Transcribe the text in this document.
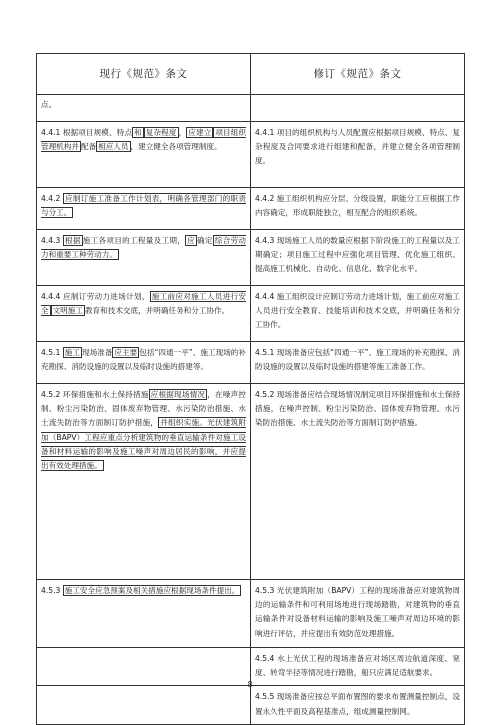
现行《规范》条文	修订《规范》条文
点。	
4.4.1 根据项目规模、特点 和 复杂程度 ， 应建立 项目组织管理机构并 配备 相应人员 ，建立健全各项管理制度。	4.4.1 项目的组织机构与人员配置应根据项目规模、特点、复杂程度及合同要求进行组建和配备，并建立健全各项管理制度。
4.4.2 应制订施工准备工作计划表，明确各管理部门的职责与分工。	4.4.2 施工组织机构应分层、分级设置，职能分工应根据工作内容确定，形成职能独立，相互配合的组织系统。
4.4.3 根据 施工各项目的工程量及工期， 应 确定 综合劳动力和重要工种劳动力。	4.4.3 现场施工人员的数量应根据下阶段施工的工程量以及工期确定；项目施工过程中应强化项目管理、优化施工组织、提高施工机械化、自动化、信息化、数字化水平。
4.4.4 应制订劳动力进场计划， 施工前应对施工人员进行安全 文明施工 教育和技术交底，并明确任务和分工协作。	4.4.4 施工组织设计应制订劳动力进场计划，施工前应对施工人员进行安全教育、技能培训和技术交底，并明确任务和分工协作。
4.5.1 施工 现场准备 应主要 包括“四通一平”、施工现场的补充勘探、消防设施的设置以及临时设施的搭建等。	4.5.1 现场准备应包括“四通一平”、施工现场的补充勘探、消防设施的设置以及临时设施的搭建等施工准备工作。
4.5.2 环保措施和水土保持措施 应根据现场情况 ，在噪声控制、粉尘污染防治、固体废弃物管理、水污染防治措施、水土流失防治等方面制订防护措施， 并组织实施。光伏建筑附加（BAPV）工程应重点分析建筑物的垂直运输条件对施工设备和材料运输的影响及施工噪声对周边居民的影响，并应提出有效处理措施。	4.5.2 现场准备应结合现场情况制定项目环保措施和水土保持措施，在噪声控制、粉尘污染防治、固体废弃物管理、水污染防治措施、水土流失防治等方面制订防护措施。
4.5.3 施工安全应急预案及相关措施应根据现场条件提出。	4.5.3 光伏建筑附加（BAPV）工程的现场准备应对建筑物周边的运输条件和可利用场地进行现场踏勘，对建筑物的垂直运输条件对设备材料运输的影响及施工噪声对周边环境的影响进行评估，并应提出有效防范处理措施。
	4.5.4 水上光伏工程的现场准备应对场区周边航道深度、宽度、转弯半径等情况进行踏勘，船只应满足适航要求。
	4.5.5 现场准备应按总平面布置图的要求布置测量控制点，设置永久性平面及高程基准点，组成测量控制网。
8
